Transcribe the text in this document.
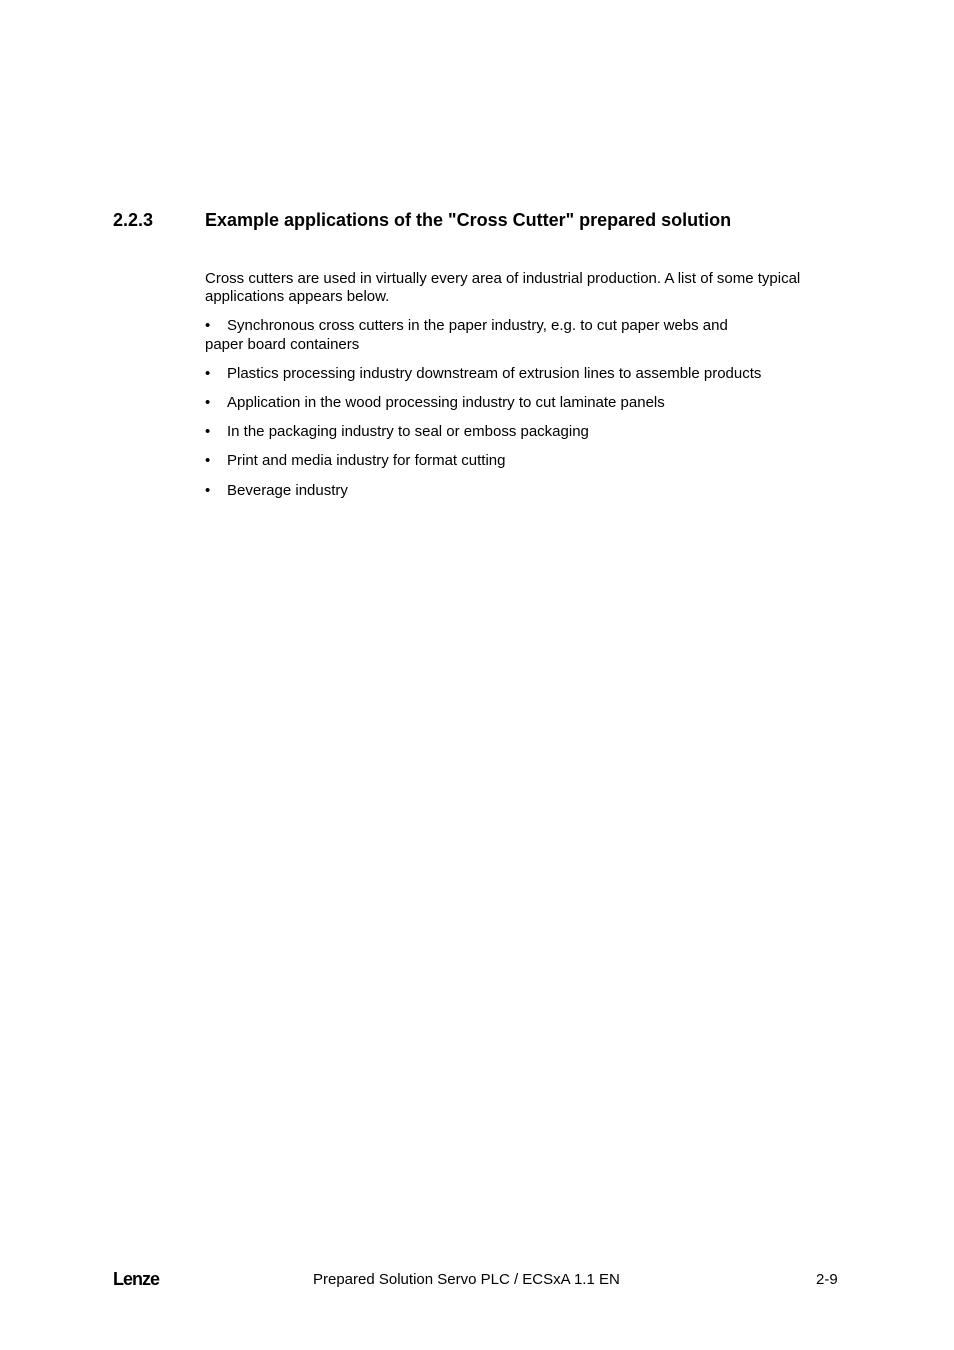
2.2.3	Example applications of the "Cross Cutter" prepared solution
Cross cutters are used in virtually every area of industrial production. A list of some typical applications appears below.
• Synchronous cross cutters in the paper industry, e.g. to cut paper webs and
paper board containers
• Plastics processing industry downstream of extrusion lines to assemble products
• Application in the wood processing industry to cut laminate panels
• In the packaging industry to seal or emboss packaging
• Print and media industry for format cutting
• Beverage industry
Lenze	Prepared Solution Servo PLC / ECSxA 1.1 EN	2-9
